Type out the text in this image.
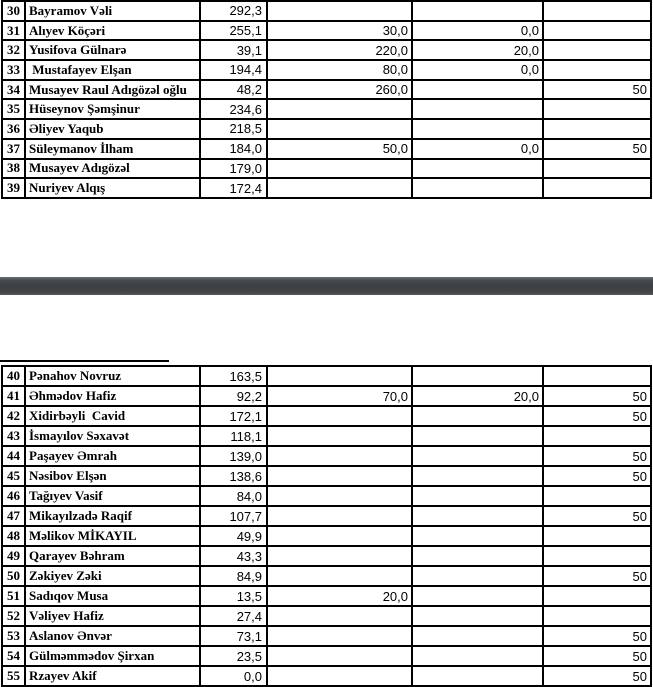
30	Bayramov Vəli	292,3			
31	Alıyev Köçəri	255,1	30,0	0,0	
32	Yusifova Gülnarə	39,1	220,0	20,0	
33	Mustafayev Elşan	194,4	80,0	0,0	
34	Musayev Raul Adıgözəl oğlu	48,2	260,0		50
35	Hüseynov Şəmşinur	234,6			
36	Əliyev Yaqub	218,5			
37	Süleymanov İlham	184,0	50,0	0,0	50
38	Musayev Adıgözəl	179,0			
39	Nuriyev Alqış	172,4			
40	Pənahov Novruz	163,5			
41	Əhmədov Hafiz	92,2	70,0	20,0	50
42	Xidirbəyli  Cavid	172,1			50
43	İsmayılov Səxavət	118,1			
44	Paşayev Əmrah	139,0			50
45	Nəsibov Elşən	138,6			50
46	Tağıyev Vasif	84,0			
47	Mikayılzadə Raqif	107,7			50
48	Məlikov MİKAYIL	49,9			
49	Qarayev Bəhram	43,3			
50	Zəkiyev Zəki	84,9			50
51	Sadıqov Musa	13,5	20,0		
52	Vəliyev Hafiz	27,4			
53	Aslanov Ənvər	73,1			50
54	Gülməmmədov Şirxan	23,5			50
55	Rzayev Akif	0,0			50
